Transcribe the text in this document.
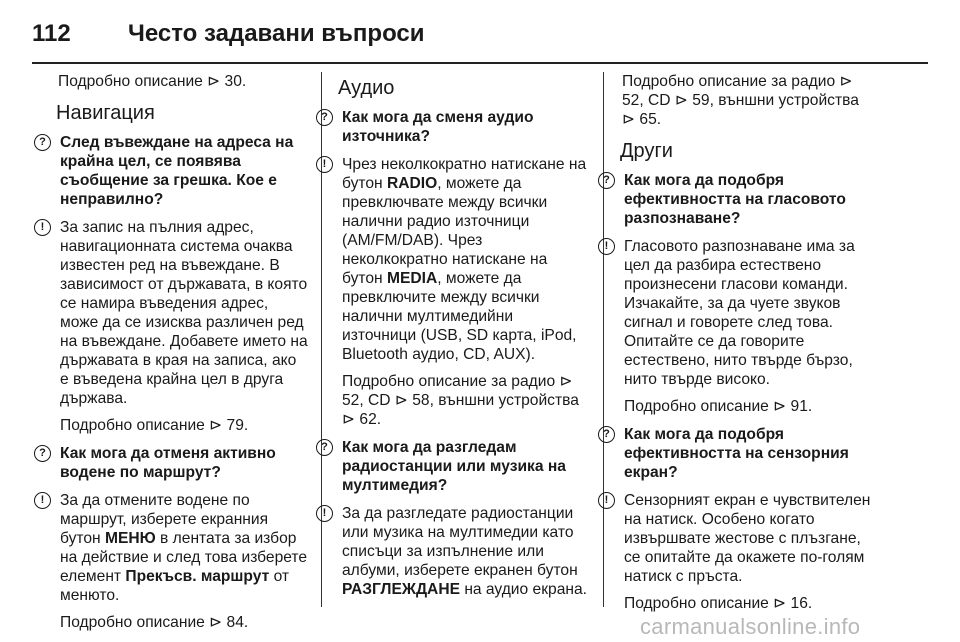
112	Често задавани въпроси

Подробно описание ⊳ 30.

Навигация
? След въвеждане на адреса на крайна цел, се появява съобщение за грешка. Кое е неправилно?

!	За запис на пълния адрес, навигационната система очаква известен ред на въвеждане. В зависимост от държавата, в която се намира въведения адрес, може да се изисква различен ред на въвеждане. Добавете името на държавата в края на записа, ако е въведена крайна цел в друга държава.

Подробно описание ⊳ 79.

? Как мога да отменя активно водене по маршрут?

!	За да отмените водене по маршрут, изберете екранния бутон МЕНЮ в лентата за избор на действие и след това изберете елемент Прекъсв. маршрут от менюто.

Подробно описание ⊳ 84.

Аудио
? Как мога да сменя аудио източника?

!	Чрез неколкократно натискане на бутон RADIO, можете да превключвате между всички налични радио източници (AM/FM/DAB). Чрез неколкократно натискане на бутон MEDIA, можете да превключите между всички налични мултимедийни източници (USB, SD карта, iPod, Bluetooth аудио, CD, AUX).

Подробно описание за радио ⊳ 52, CD ⊳ 58, външни устройства ⊳ 62.

? Как мога да разгледам радиостанции или музика на мултимедия?

!	За да разгледате радиостанции или музика на мултимедии като списъци за изпълнение или албуми, изберете екранен бутон РАЗГЛЕЖДАНЕ на аудио екрана.

Подробно описание за радио ⊳ 52, CD ⊳ 59, външни устройства ⊳ 65.

Други
? Как мога да подобря ефективността на гласовото разпознаване?

!	Гласовото разпознаване има за цел да разбира естествено произнесени гласови команди. Изчакайте, за да чуете звуков сигнал и говорете след това. Опитайте се да говорите естествено, нито твърде бързо, нито твърде високо.

Подробно описание ⊳ 91.

? Как мога да подобря ефективността на сензорния екран?

!	Сензорният екран е чувствителен на натиск. Особено когато извършвате жестове с плъзгане, се опитайте да окажете по-голям натиск с пръста.

Подробно описание ⊳ 16.

carmanualsonline.info
